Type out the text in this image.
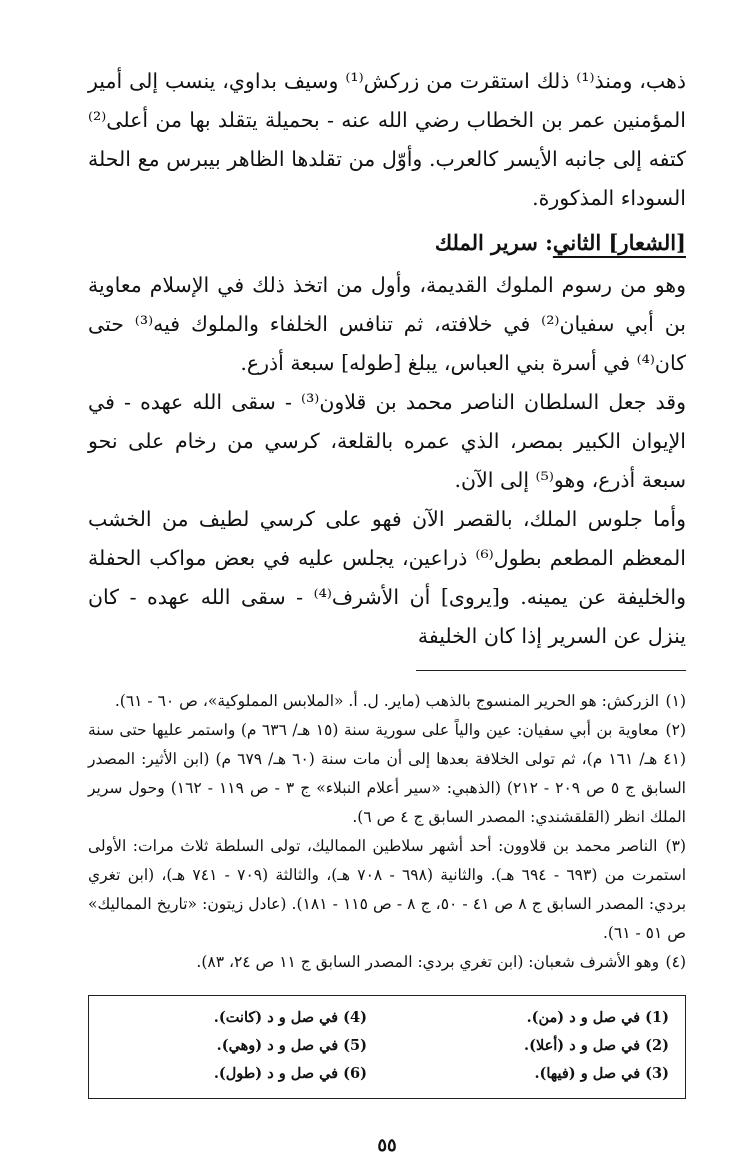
ذهب، ومنذ⁽¹⁾ ذلك استقرت من زركش⁽¹⁾ وسيف بداوي، ينسب إلى أمير المؤمنين عمر بن الخطاب رضي الله عنه - بحميلة يتقلد بها من أعلى⁽²⁾ كتفه إلى جانبه الأيسر كالعرب. وأوّل من تقلدها الظاهر بيبرس مع الحلة السوداء المذكورة.

[الشعار] الثاني: سرير الملك

وهو من رسوم الملوك القديمة، وأول من اتخذ ذلك في الإسلام معاوية بن أبي سفيان⁽²⁾ في خلافته، ثم تنافس الخلفاء والملوك فيه⁽³⁾ حتى كان⁽⁴⁾ في أسرة بني العباس، يبلغ [طوله] سبعة أذرع.

وقد جعل السلطان الناصر محمد بن قلاون⁽³⁾ - سقى الله عهده - في الإيوان الكبير بمصر، الذي عمره بالقلعة، كرسي من رخام على نحو سبعة أذرع، وهو⁽⁵⁾ إلى الآن.

وأما جلوس الملك، بالقصر الآن فهو على كرسي لطيف من الخشب المعظم المطعم بطول⁽⁶⁾ ذراعين، يجلس عليه في بعض مواكب الحفلة والخليفة عن يمينه. و[يروى] أن الأشرف⁽⁴⁾ - سقى الله عهده - كان ينزل عن السرير إذا كان الخليفة

(١) الزركش: هو الحرير المنسوج بالذهب (ماير. ل. أ. «الملابس المملوكية»، ص ٦٠ - ٦١).

(٢) معاوية بن أبي سفيان: عين والياً على سورية سنة (١٥ هـ/ ٦٣٦ م) واستمر عليها حتى سنة (٤١ هـ/ ١٦١ م)، ثم تولى الخلافة بعدها إلى أن مات سنة (٦٠ هـ/ ٦٧٩ م) (ابن الأثير: المصدر السابق ج ٥ ص ٢٠٩ - ٢١٢) (الذهبي: «سير أعلام النبلاء» ج ٣ - ص ١١٩ - ١٦٢) وحول سرير الملك انظر (القلقشندي: المصدر السابق ج ٤ ص ٦).

(٣) الناصر محمد بن قلاوون: أحد أشهر سلاطين المماليك، تولى السلطة ثلاث مرات: الأولى استمرت من (٦٩٣ - ٦٩٤ هـ). والثانية (٦٩٨ - ٧٠٨ هـ)، والثالثة (٧٠٩ - ٧٤١ هـ)، (ابن تغري بردي: المصدر السابق ج ٨ ص ٤١ - ٥٠، ج ٨ - ص ١١٥ - ١٨١). (عادل زيتون: «تاريخ المماليك» ص ٥١ - ٦١).

(٤) وهو الأشرف شعبان: (ابن تغري بردي: المصدر السابق ج ١١ ص ٢٤، ٨٣).

(1) في صل و د (من).
(4) في صل و د (كانت).
(2) في صل و د (أعلا).
(5) في صل و د (وهي).
(3) في صل و (فيها).
(6) في صل و د (طول).
٥٥
